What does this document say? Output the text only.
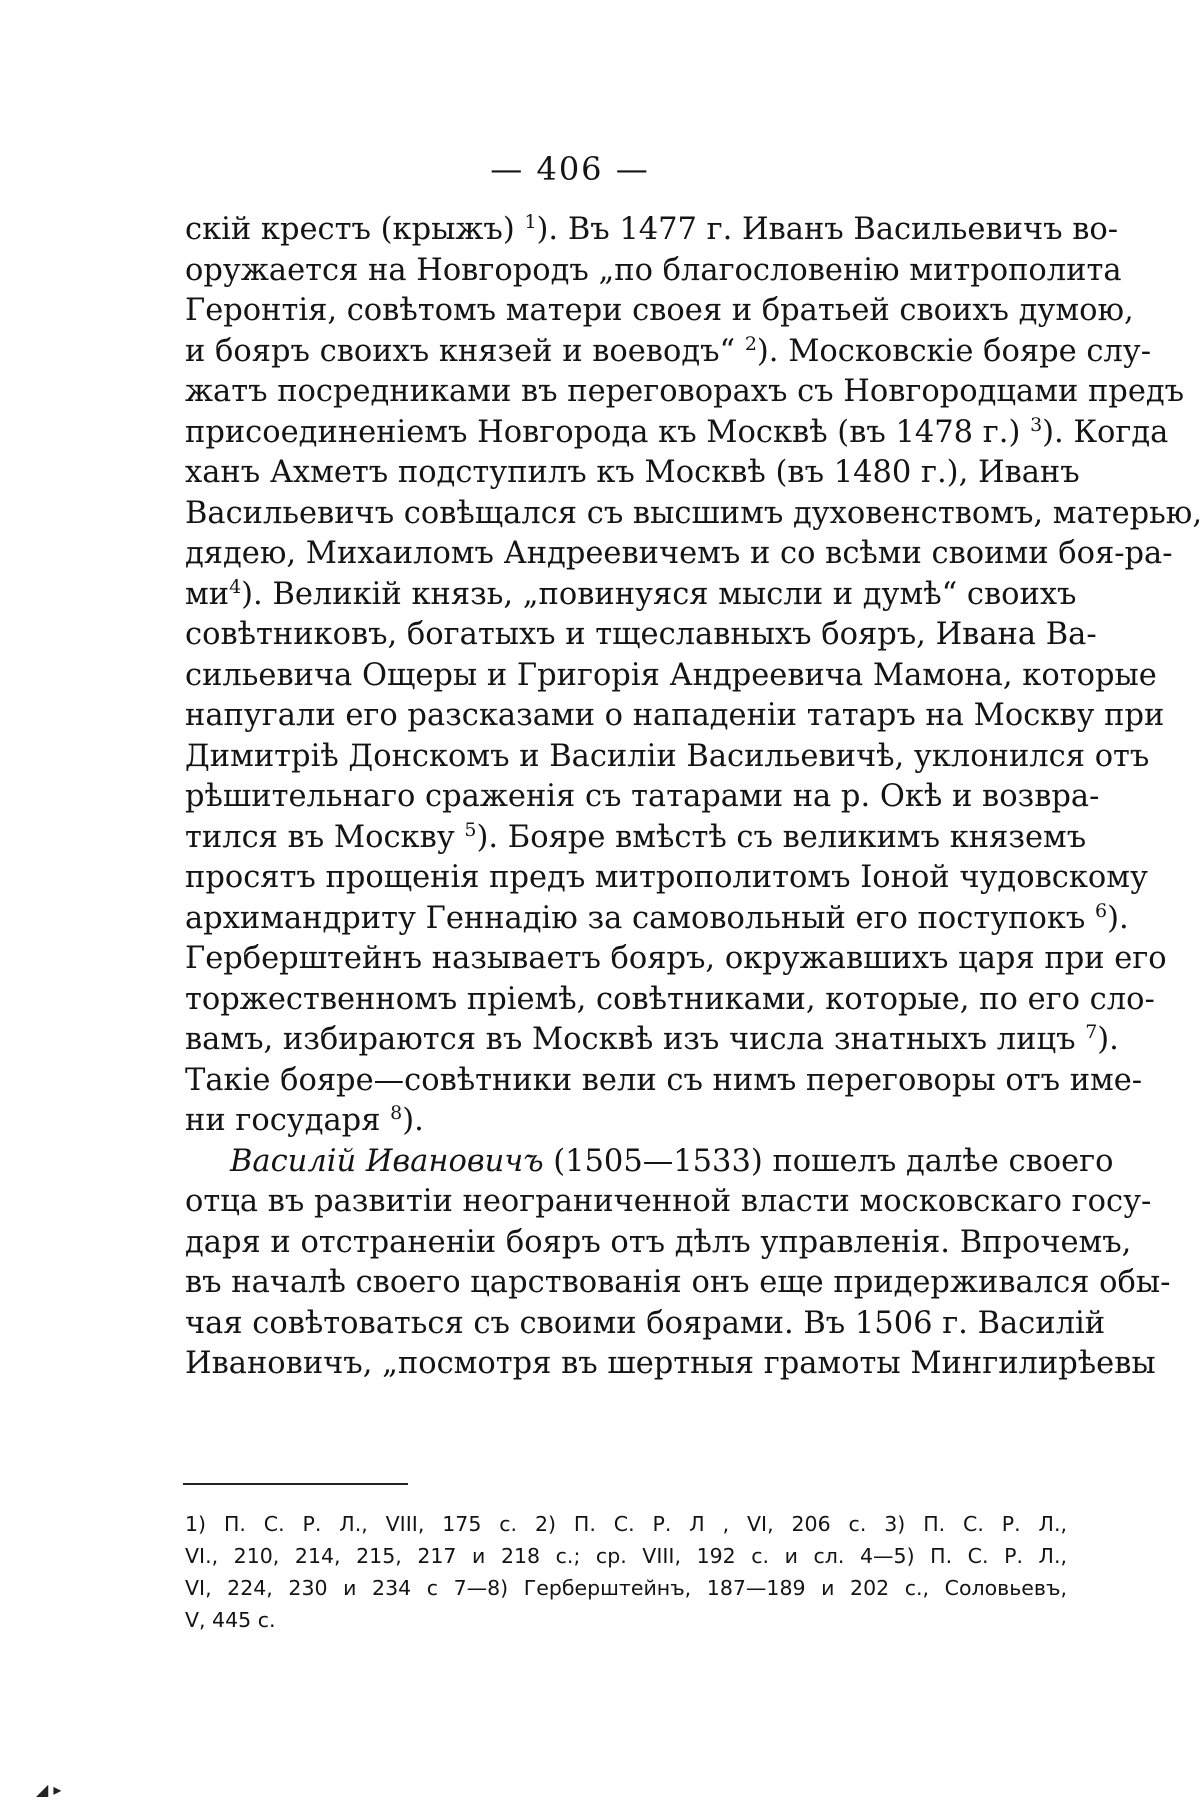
— 406 —

скій крестъ (крыжъ) $^1$). Въ 1477 г. Иванъ Васильевичъ во-
оружается на Новгородъ „по благословенію митрополита
Геронтія, совѣтомъ матери своея и братьей своихъ думою,
и бояръ своихъ князей и воеводъ“ $^2$). Московскіе бояре слу-
жатъ посредниками въ переговорахъ съ Новгородцами предъ
присоединеніемъ Новгорода къ Москвѣ (въ 1478 г.) $^3$). Когда
ханъ Ахметъ подступилъ къ Москвѣ (въ 1480 г.), Иванъ
Васильевичъ совѣщался съ высшимъ духовенствомъ, матерью,
дядею, Михаиломъ Андреевичемъ и со всѣми своими боя-ра-
$ми^4$). Великій князь, „повинуяся мысли и думѣ“ своихъ
совѣтниковъ, богатыхъ и тщеславныхъ бояръ, Ивана Ва-
сильевича Ощеры и Григорія Андреевича Мамона, которые
напугали его разсказами о нападеніи татаръ на Москву при
Димитріѣ Донскомъ и Василіи Васильевичѣ, уклонился отъ
рѣшительнаго сраженія съ татарами на р. Окѣ и возвра-
тился въ Москву $^5$). Бояре вмѣстѣ съ великимъ княземъ
просятъ прощенія предъ митрополитомъ Іоной чудовскому
архимандриту Геннадію за самовольный его поступокъ $^6$).
Герберштейнъ называетъ бояръ, окружавшихъ царя при его
торжественномъ пріемѣ, совѣтниками, которые, по его сло-
вамъ, избираются въ Москвѣ изъ числа знатныхъ лицъ $^7$).
Такіе бояре—совѣтники вели съ нимъ переговоры отъ име-
ни государя $^8$).

Василій Ивановичъ (1505—1533) пошелъ далѣе своего
отца въ развитіи неограниченной власти московскаго госу-
даря и отстраненіи бояръ отъ дѣлъ управленія. Впрочемъ,
въ началѣ своего царствованія онъ еще придерживался обы-
чая совѣтоваться съ своими боярами. Въ 1506 г. Василій
Ивановичъ, „посмотря въ шертныя грамоты Мингилирѣевы

1) П. С. Р. Л., VIII, 175 с. 2) П. С. Р. Л , VI, 206 с. 3) П. С. Р. Л.,
VI., 210, 214, 215, 217 и 218 с.; ср. VIII, 192 с. и сл. 4—5) П. С. Р. Л.,
VI, 224, 230 и 234 с 7—8) Герберштейнъ, 187—189 и 202 с., Соловьевъ,
V, 445 с.
◢ ▸
